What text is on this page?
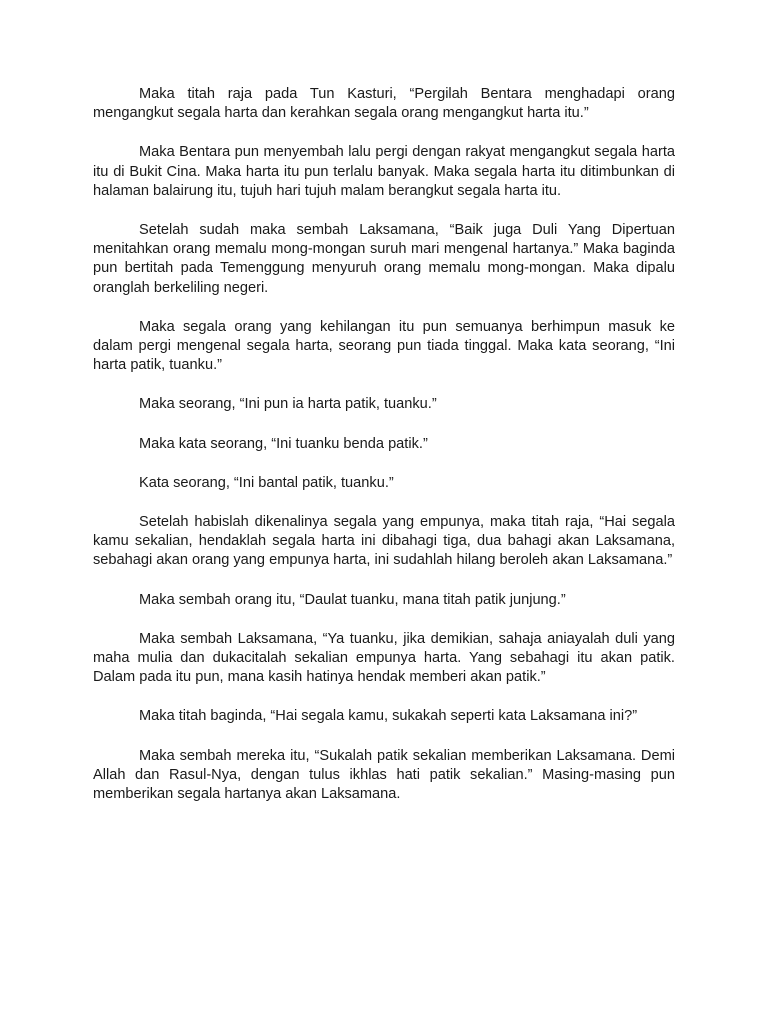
Maka titah raja pada Tun Kasturi, “Pergilah Bentara menghadapi orang mengangkut segala harta dan kerahkan segala orang mengangkut harta itu.”

Maka Bentara pun menyembah lalu pergi dengan rakyat mengangkut segala harta itu di Bukit Cina. Maka harta itu pun terlalu banyak. Maka segala harta itu ditimbunkan di halaman balairung itu, tujuh hari tujuh malam berangkut segala harta itu.

Setelah sudah maka sembah Laksamana, “Baik juga Duli Yang Dipertuan menitahkan orang memalu mong-mongan suruh mari mengenal hartanya.” Maka baginda pun bertitah pada Temenggung menyuruh orang memalu mong-mongan. Maka dipalu oranglah berkeliling negeri.

Maka segala orang yang kehilangan itu pun semuanya berhimpun masuk ke dalam pergi mengenal segala harta, seorang pun tiada tinggal. Maka kata seorang, “Ini harta patik, tuanku.”

Maka seorang, “Ini pun ia harta patik, tuanku.”

Maka kata seorang, “Ini tuanku benda patik.”

Kata seorang, “Ini bantal patik, tuanku.”

Setelah habislah dikenalinya segala yang empunya, maka titah raja, “Hai segala kamu sekalian, hendaklah segala harta ini dibahagi tiga, dua bahagi akan Laksamana, sebahagi akan orang yang empunya harta, ini sudahlah hilang beroleh akan Laksamana.”

Maka sembah orang itu, “Daulat tuanku, mana titah patik junjung.”

Maka sembah Laksamana, “Ya tuanku, jika demikian, sahaja aniayalah duli yang maha mulia dan dukacitalah sekalian empunya harta. Yang sebahagi itu akan patik. Dalam pada itu pun, mana kasih hatinya hendak memberi akan patik.”

Maka titah baginda, “Hai segala kamu, sukakah seperti kata Laksamana ini?”

Maka sembah mereka itu, “Sukalah patik sekalian memberikan Laksamana. Demi Allah dan Rasul-Nya, dengan tulus ikhlas hati patik sekalian.” Masing-masing pun memberikan segala hartanya akan Laksamana.
